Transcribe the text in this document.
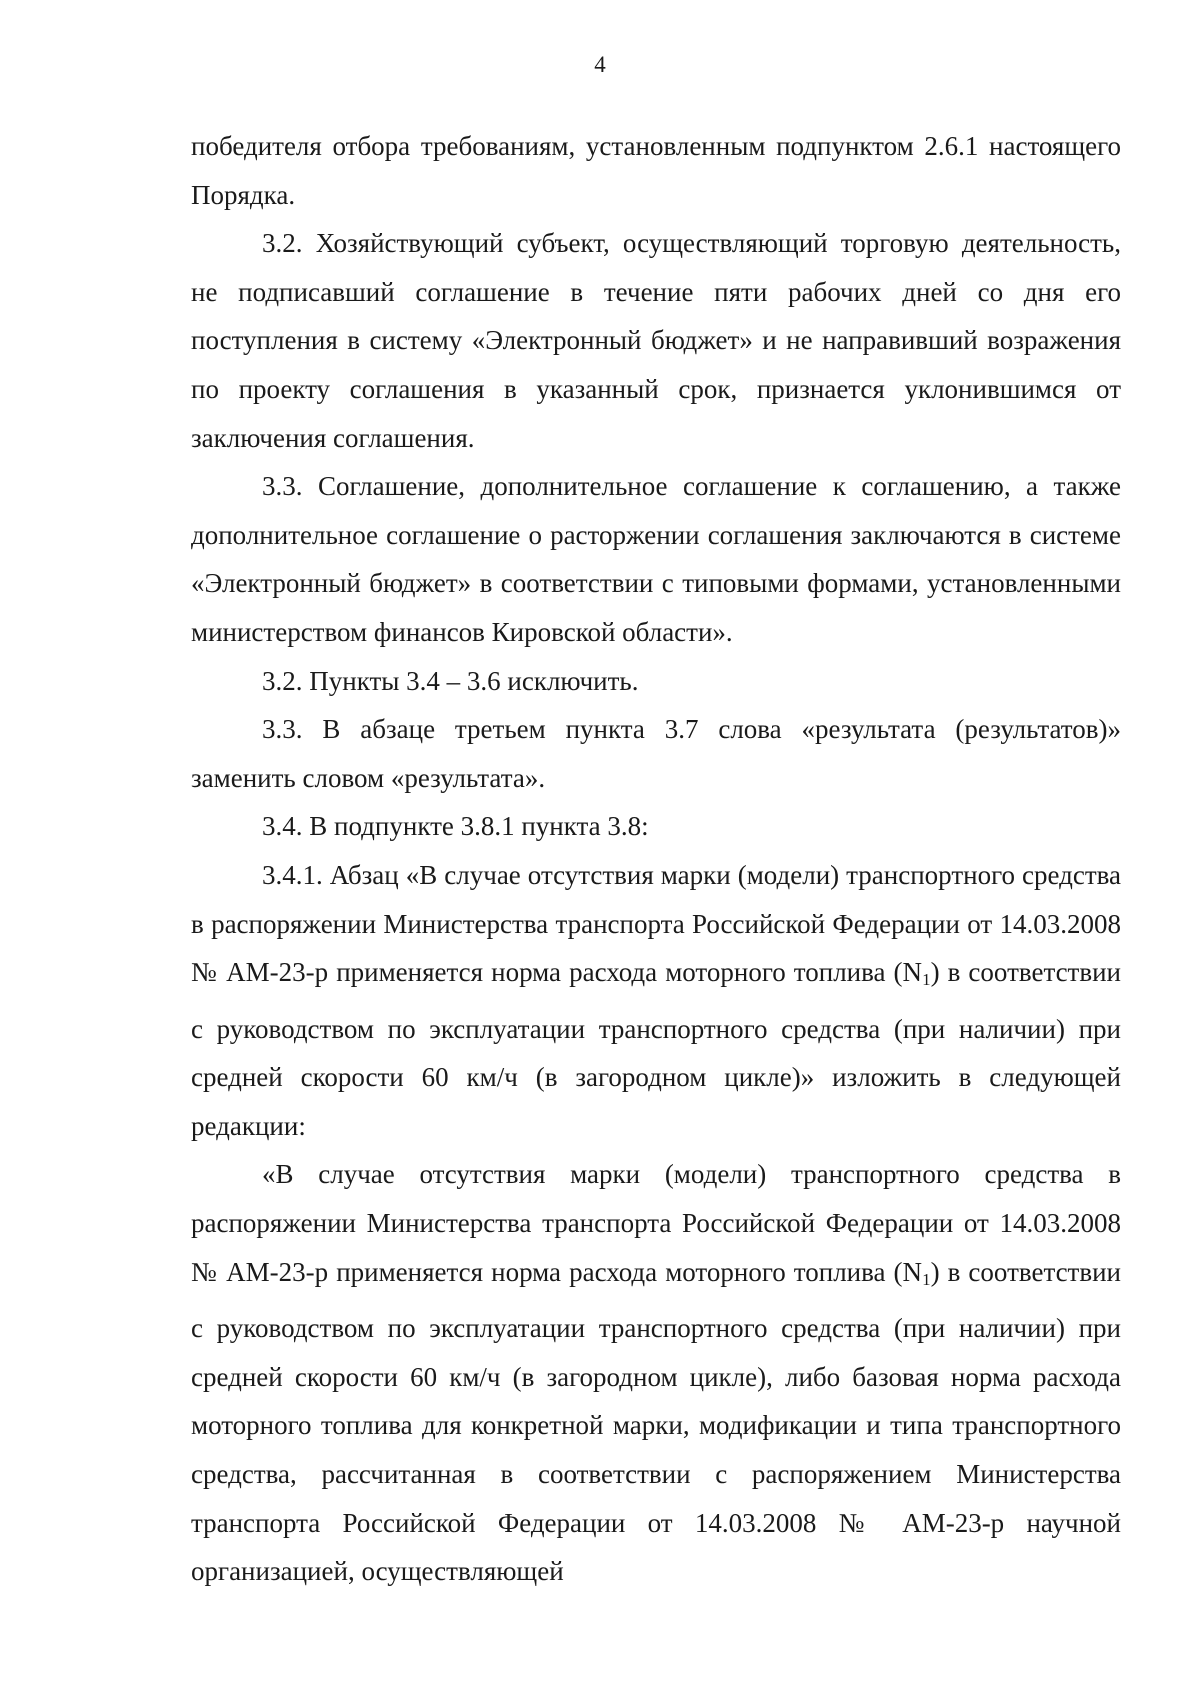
4

победителя отбора требованиям, установленным подпунктом 2.6.1 настоящего Порядка.

3.2. Хозяйствующий субъект, осуществляющий торговую деятельность, не подписавший соглашение в течение пяти рабочих дней со дня его поступления в систему «Электронный бюджет» и не направивший возражения по проекту соглашения в указанный срок, признается уклонившимся от заключения соглашения.

3.3. Соглашение, дополнительное соглашение к соглашению, а также дополнительное соглашение о расторжении соглашения заключаются в системе «Электронный бюджет» в соответствии с типовыми формами, установленными министерством финансов Кировской области».

3.2. Пункты 3.4 – 3.6 исключить.

3.3. В абзаце третьем пункта 3.7 слова «результата (результатов)» заменить словом «результата».

3.4. В подпункте 3.8.1 пункта 3.8:

3.4.1. Абзац «В случае отсутствия марки (модели) транспортного средства в распоряжении Министерства транспорта Российской Федерации от 14.03.2008 № АМ-23-р применяется норма расхода моторного топлива $(N_1)$ в соответствии с руководством по эксплуатации транспортного средства (при наличии) при средней скорости 60 км/ч (в загородном цикле)» изложить в следующей редакции:

«В случае отсутствия марки (модели) транспортного средства в распоряжении Министерства транспорта Российской Федерации от 14.03.2008 № АМ-23-р применяется норма расхода моторного топлива $(N_1)$ в соответствии с руководством по эксплуатации транспортного средства (при наличии) при средней скорости 60 км/ч (в загородном цикле), либо базовая норма расхода моторного топлива для конкретной марки, модификации и типа транспортного средства, рассчитанная в соответствии с распоряжением Министерства транспорта Российской Федерации от 14.03.2008 № АМ-23-р научной организацией, осуществляющей
